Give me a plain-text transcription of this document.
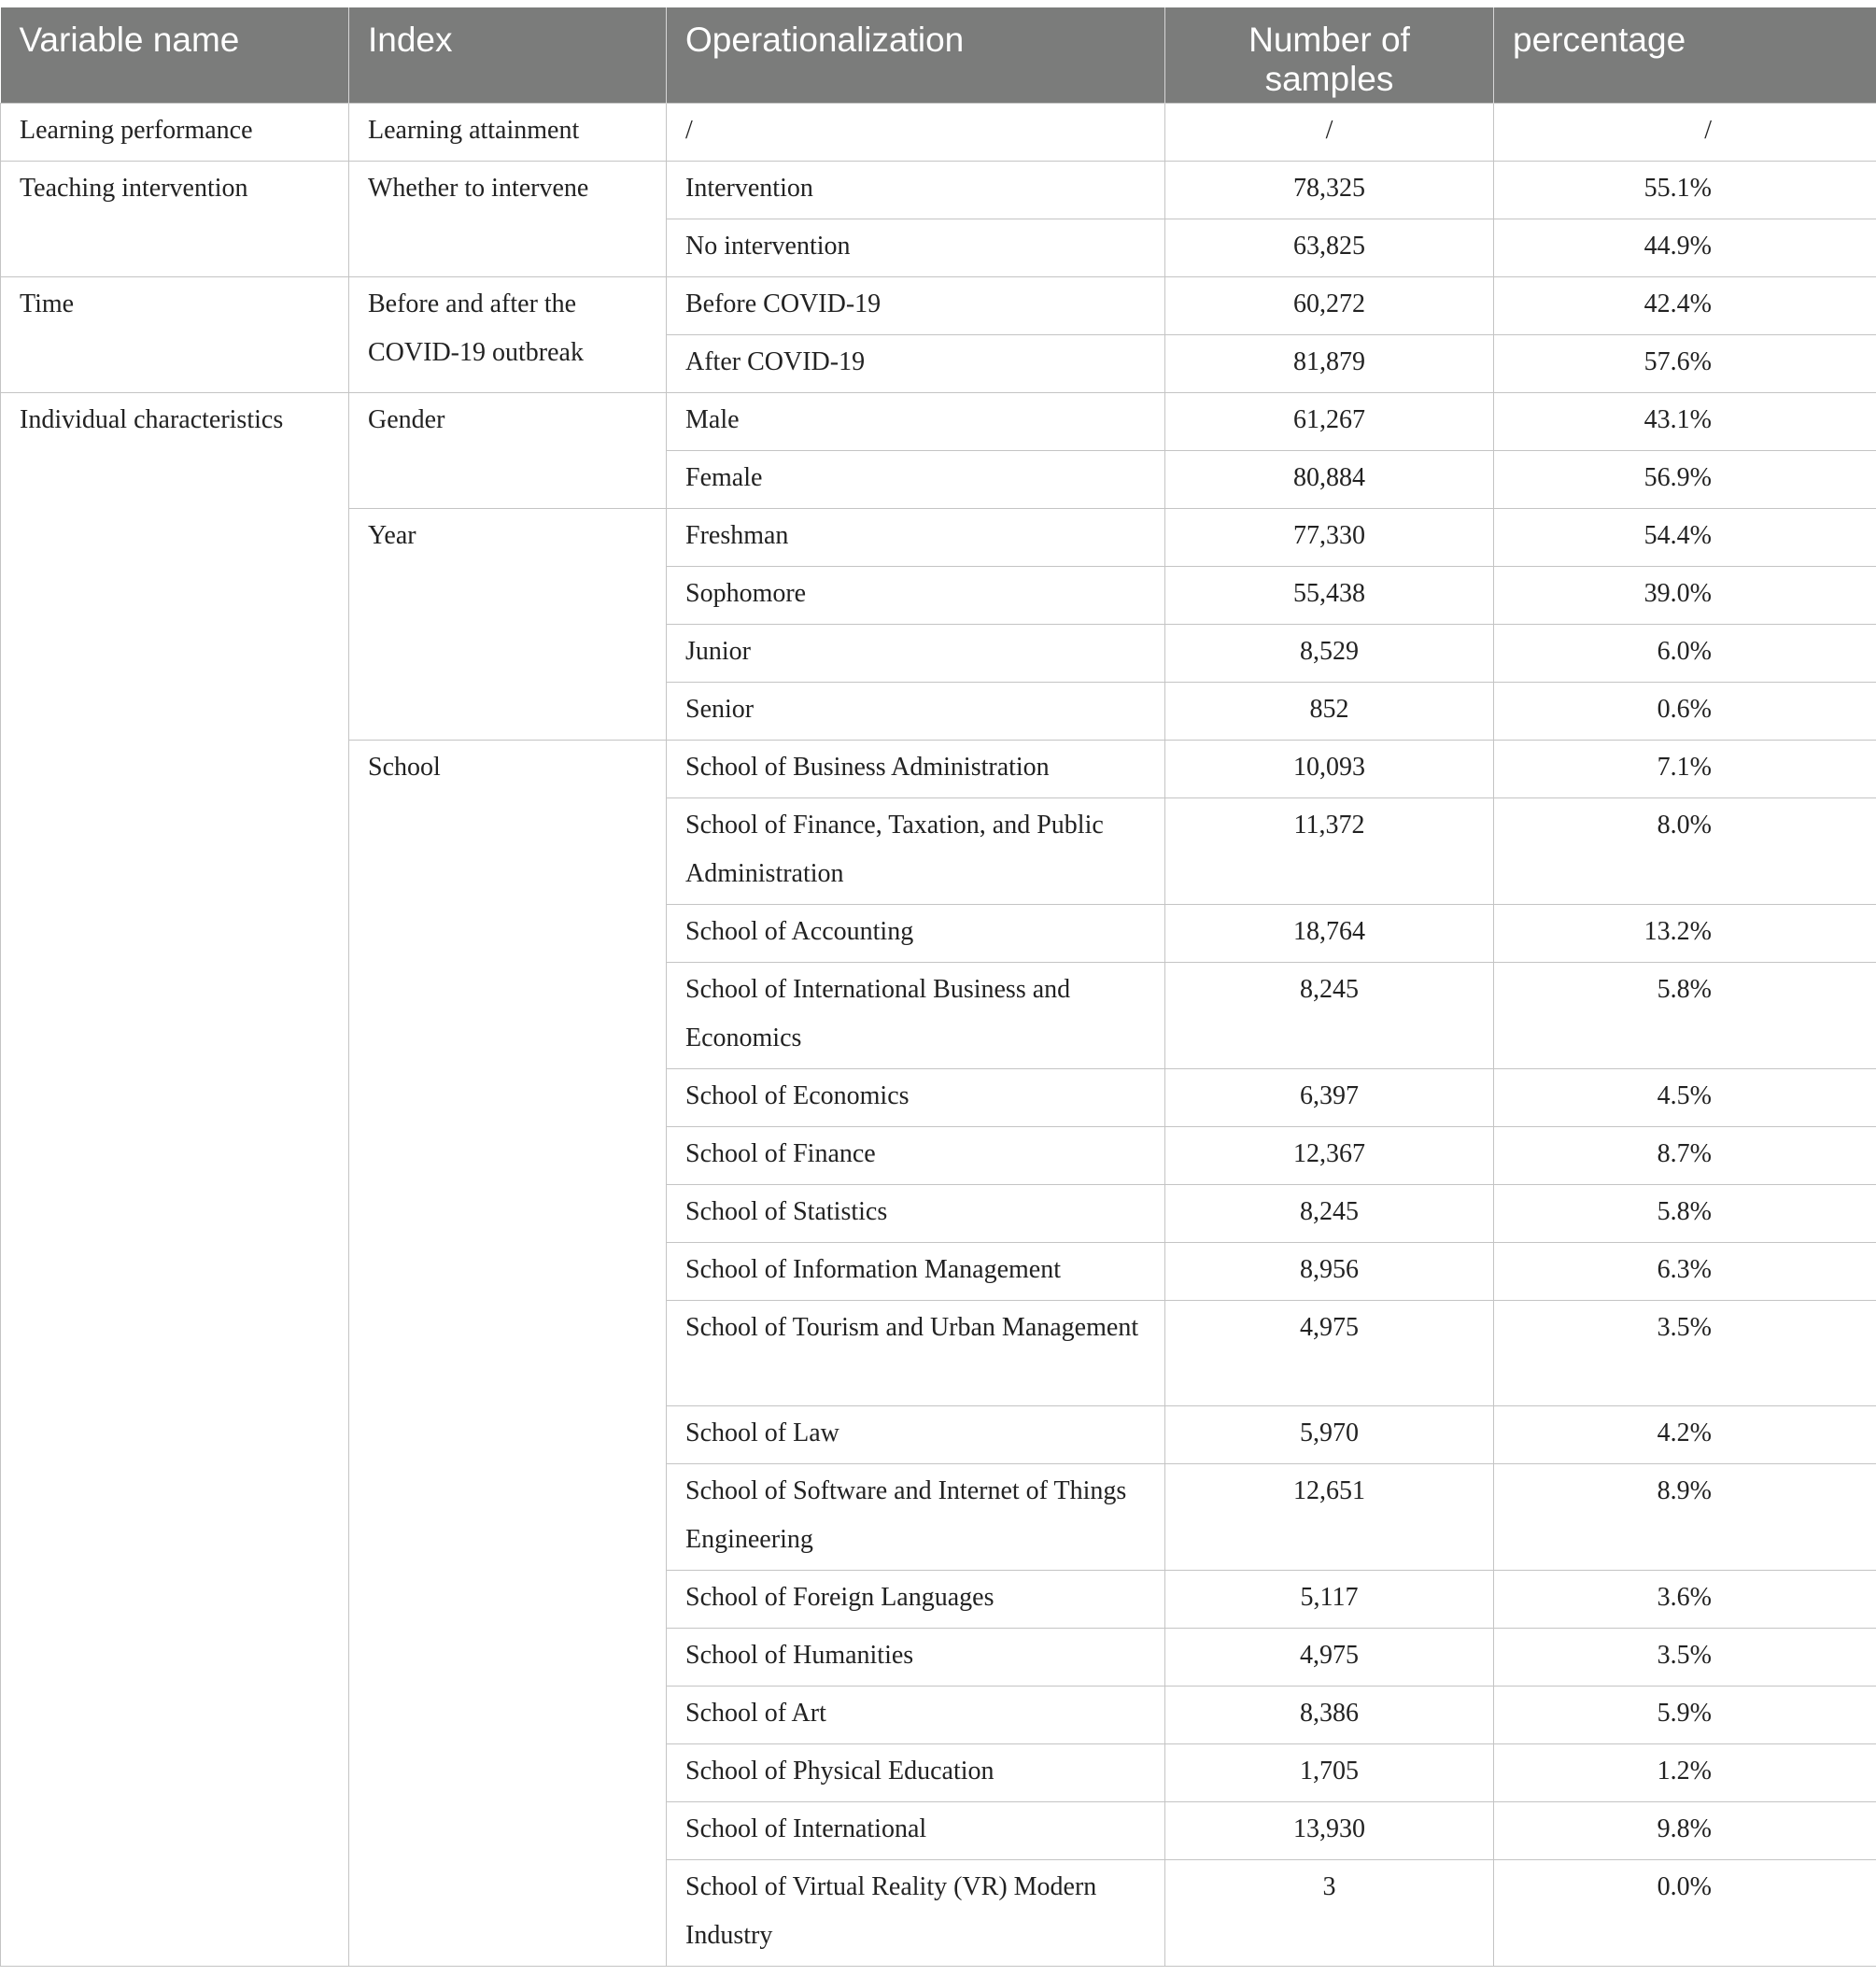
Variable name	Index	Operationalization	Number of samples	percentage
Learning performance	Learning attainment	/	/	/
Teaching intervention	Whether to intervene	Intervention	78,325	55.1%
		No intervention	63,825	44.9%
Time	Before and after the COVID-19 outbreak	Before COVID-19	60,272	42.4%
		After COVID-19	81,879	57.6%
Individual characteristics	Gender	Male	61,267	43.1%
		Female	80,884	56.9%
	Year	Freshman	77,330	54.4%
		Sophomore	55,438	39.0%
		Junior	8,529	6.0%
		Senior	852	0.6%
	School	School of Business Administration	10,093	7.1%
		School of Finance, Taxation, and Public Administration	11,372	8.0%
		School of Accounting	18,764	13.2%
		School of International Business and Economics	8,245	5.8%
		School of Economics	6,397	4.5%
		School of Finance	12,367	8.7%
		School of Statistics	8,245	5.8%
		School of Information Management	8,956	6.3%
		School of Tourism and Urban Management	4,975	3.5%
		School of Law	5,970	4.2%
		School of Software and Internet of Things Engineering	12,651	8.9%
		School of Foreign Languages	5,117	3.6%
		School of Humanities	4,975	3.5%
		School of Art	8,386	5.9%
		School of Physical Education	1,705	1.2%
		School of International	13,930	9.8%
		School of Virtual Reality (VR) Modern Industry	3	0.0%
